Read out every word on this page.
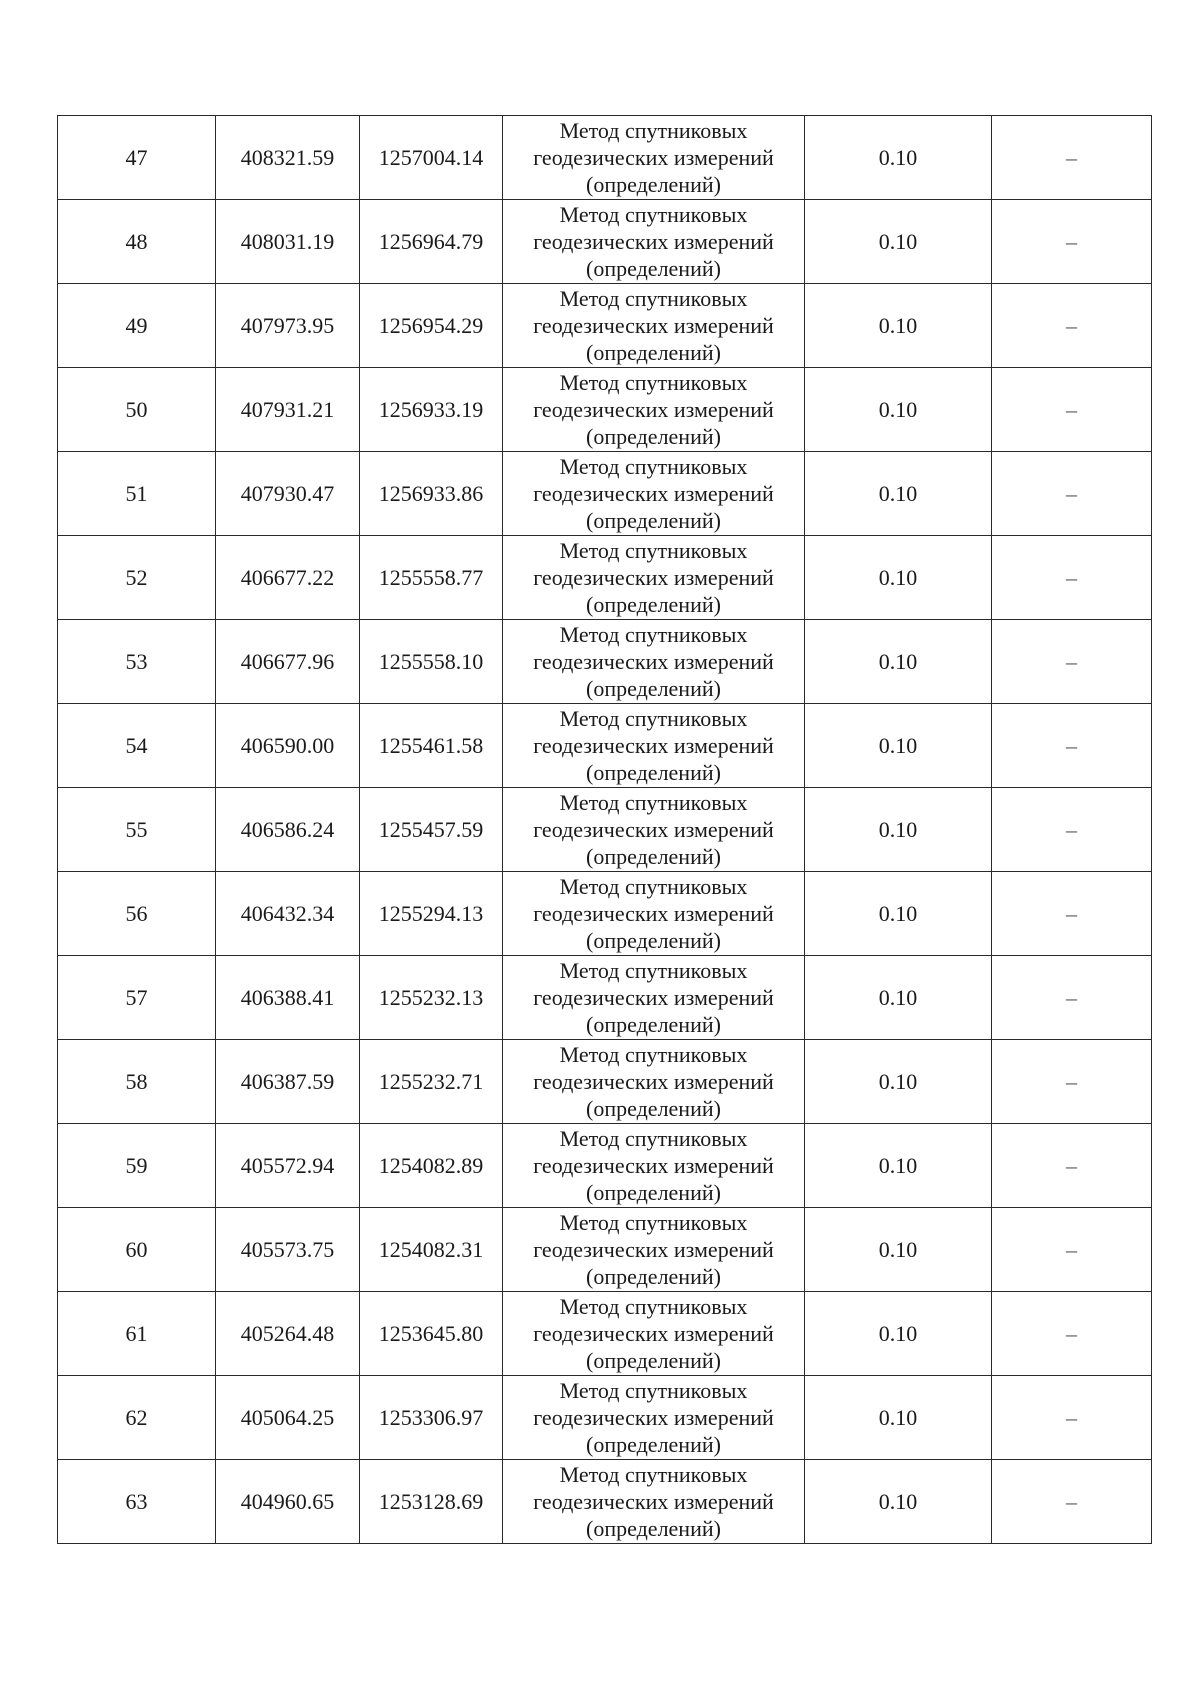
47	408321.59	1257004.14	Метод спутниковых
геодезических измерений
(определений)	0.10	–
48	408031.19	1256964.79	Метод спутниковых
геодезических измерений
(определений)	0.10	–
49	407973.95	1256954.29	Метод спутниковых
геодезических измерений
(определений)	0.10	–
50	407931.21	1256933.19	Метод спутниковых
геодезических измерений
(определений)	0.10	–
51	407930.47	1256933.86	Метод спутниковых
геодезических измерений
(определений)	0.10	–
52	406677.22	1255558.77	Метод спутниковых
геодезических измерений
(определений)	0.10	–
53	406677.96	1255558.10	Метод спутниковых
геодезических измерений
(определений)	0.10	–
54	406590.00	1255461.58	Метод спутниковых
геодезических измерений
(определений)	0.10	–
55	406586.24	1255457.59	Метод спутниковых
геодезических измерений
(определений)	0.10	–
56	406432.34	1255294.13	Метод спутниковых
геодезических измерений
(определений)	0.10	–
57	406388.41	1255232.13	Метод спутниковых
геодезических измерений
(определений)	0.10	–
58	406387.59	1255232.71	Метод спутниковых
геодезических измерений
(определений)	0.10	–
59	405572.94	1254082.89	Метод спутниковых
геодезических измерений
(определений)	0.10	–
60	405573.75	1254082.31	Метод спутниковых
геодезических измерений
(определений)	0.10	–
61	405264.48	1253645.80	Метод спутниковых
геодезических измерений
(определений)	0.10	–
62	405064.25	1253306.97	Метод спутниковых
геодезических измерений
(определений)	0.10	–
63	404960.65	1253128.69	Метод спутниковых
геодезических измерений
(определений)	0.10	–
